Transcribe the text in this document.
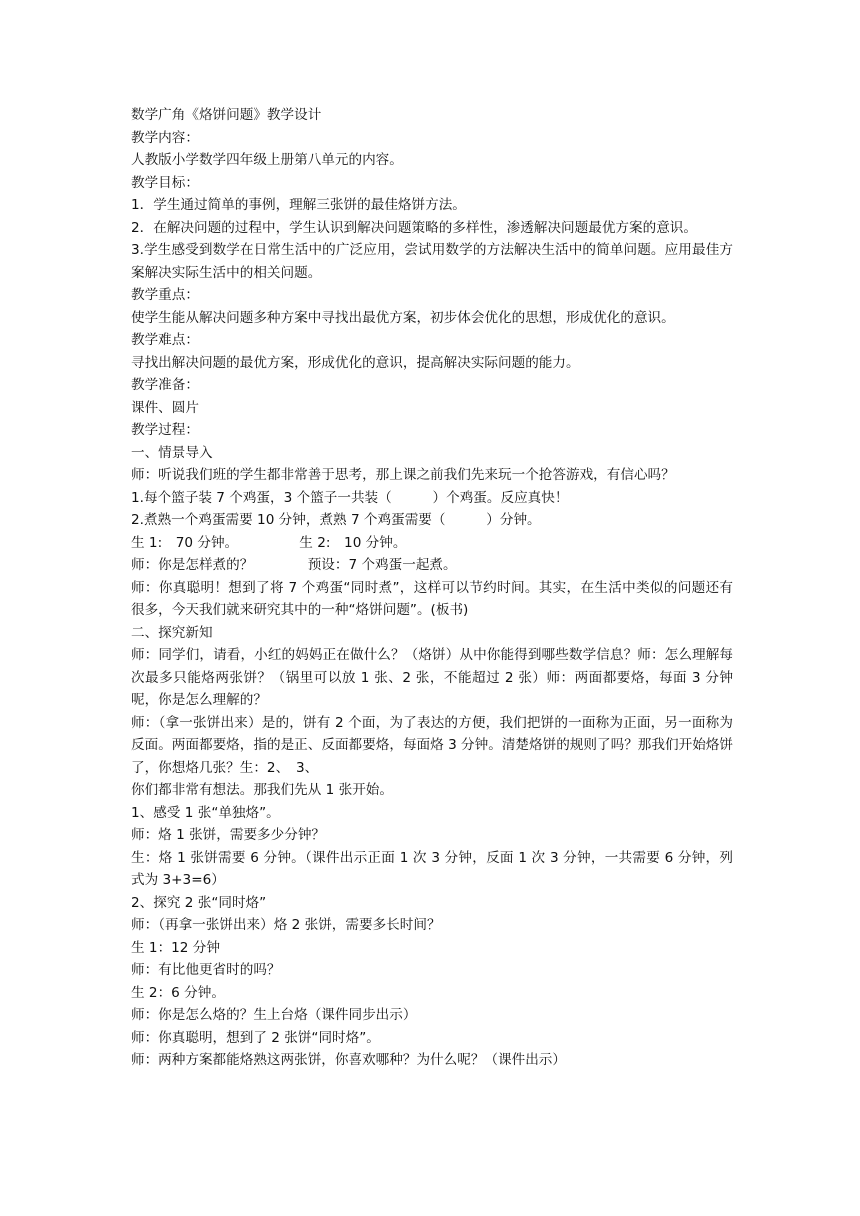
数学广角《烙饼问题》教学设计
教学内容：
人教版小学数学四年级上册第八单元的内容。
教学目标：
1．学生通过简单的事例，理解三张饼的最佳烙饼方法。
2．在解决问题的过程中，学生认识到解决问题策略的多样性，渗透解决问题最优方案的意识。
3.学生感受到数学在日常生活中的广泛应用，尝试用数学的方法解决生活中的简单问题。应用最佳方案解决实际生活中的相关问题。
教学重点：
使学生能从解决问题多种方案中寻找出最优方案，初步体会优化的思想，形成优化的意识。
教学难点：
寻找出解决问题的最优方案，形成优化的意识，提高解决实际问题的能力。
教学准备：
课件、圆片
教学过程：
一、情景导入
师：听说我们班的学生都非常善于思考，那上课之前我们先来玩一个抢答游戏，有信心吗？
1.每个篮子装 7 个鸡蛋，3 个篮子一共装（　　　）个鸡蛋。反应真快！
2.煮熟一个鸡蛋需要 10 分钟，煮熟 7 个鸡蛋需要（　　　）分钟。
生 1:　70 分钟。　　　　　生 2:　10 分钟。
师：你是怎样煮的？　　　　预设：7 个鸡蛋一起煮。
师：你真聪明！想到了将 7 个鸡蛋“同时煮”，这样可以节约时间。其实，在生活中类似的问题还有很多，今天我们就来研究其中的一种“烙饼问题”。(板书)
二、探究新知
师：同学们，请看，小红的妈妈正在做什么？（烙饼）从中你能得到哪些数学信息？师：怎么理解每次最多只能烙两张饼？（锅里可以放 1 张、2 张，不能超过 2 张）师：两面都要烙，每面 3 分钟呢，你是怎么理解的？
师：（拿一张饼出来）是的，饼有 2 个面，为了表达的方便，我们把饼的一面称为正面，另一面称为反面。两面都要烙，指的是正、反面都要烙，每面烙 3 分钟。清楚烙饼的规则了吗？那我们开始烙饼了，你想烙几张？生：2、　3、
你们都非常有想法。那我们先从 1 张开始。
1、感受 1 张“单独烙”。
师：烙 1 张饼，需要多少分钟？
生：烙 1 张饼需要 6 分钟。（课件出示正面 1 次 3 分钟，反面 1 次 3 分钟，一共需要 6 分钟，列式为 3+3=6）
2、探究 2 张“同时烙”
师：（再拿一张饼出来）烙 2 张饼，需要多长时间？
生 1：12 分钟
师：有比他更省时的吗？
生 2：6 分钟。
师：你是怎么烙的？生上台烙（课件同步出示）
师：你真聪明，想到了 2 张饼“同时烙”。
师：两种方案都能烙熟这两张饼，你喜欢哪种？为什么呢？（课件出示）
